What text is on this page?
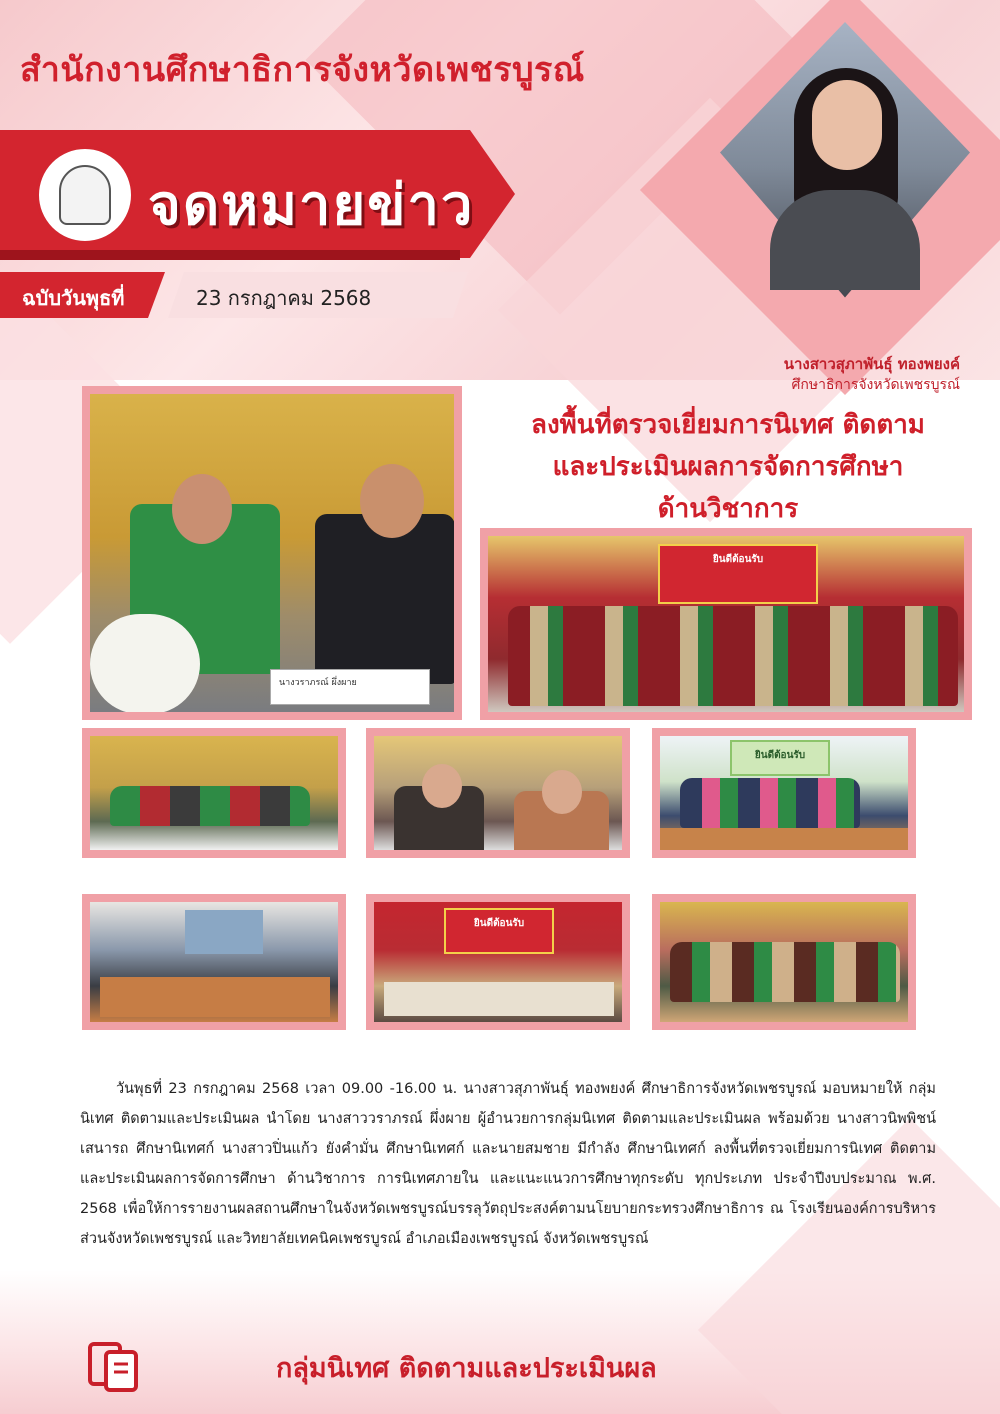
สำนักงานศึกษาธิการจังหวัดเพชรบูรณ์
จดหมายข่าว
ฉบับวันพุธที่	23 กรกฎาคม 2568
นางสาวสุภาพันธุ์ ทองพยงค์
ศึกษาธิการจังหวัดเพชรบูรณ์
ลงพื้นที่ตรวจเยี่ยมการนิเทศ ติดตาม
และประเมินผลการจัดการศึกษา
ด้านวิชาการ
นางวราภรณ์ ผึ่งผาย
ยินดีต้อนรับ
ยินดีต้อนรับ
ยินดีต้อนรับ
วันพุธที่ 23 กรกฎาคม 2568 เวลา 09.00 -16.00 น. นางสาวสุภาพันธุ์ ทองพยงค์ ศึกษาธิการจังหวัดเพชรบูรณ์ มอบหมายให้ กลุ่มนิเทศ ติดตามและประเมินผล นำโดย นางสาววราภรณ์ ผึ่งผาย ผู้อำนวยการกลุ่มนิเทศ ติดตามและประเมินผล พร้อมด้วย นางสาวนิพพิชน์ เสนารถ ศึกษานิเทศก์ นางสาวปิ่นแก้ว ยังคำมั่น ศึกษานิเทศก์ และนายสมชาย มีกำลัง ศึกษานิเทศก์ ลงพื้นที่ตรวจเยี่ยมการนิเทศ ติดตาม และประเมินผลการจัดการศึกษา ด้านวิชาการ การนิเทศภายใน และแนะแนวการศึกษาทุกระดับ ทุกประเภท ประจำปีงบประมาณ พ.ศ. 2568 เพื่อให้การรายงานผลสถานศึกษาในจังหวัดเพชรบูรณ์บรรลุวัตถุประสงค์ตามนโยบายกระทรวงศึกษาธิการ ณ โรงเรียนองค์การบริหารส่วนจังหวัดเพชรบูรณ์ และวิทยาลัยเทคนิคเพชรบูรณ์ อำเภอเมืองเพชรบูรณ์ จังหวัดเพชรบูรณ์
กลุ่มนิเทศ ติดตามและประเมินผล
